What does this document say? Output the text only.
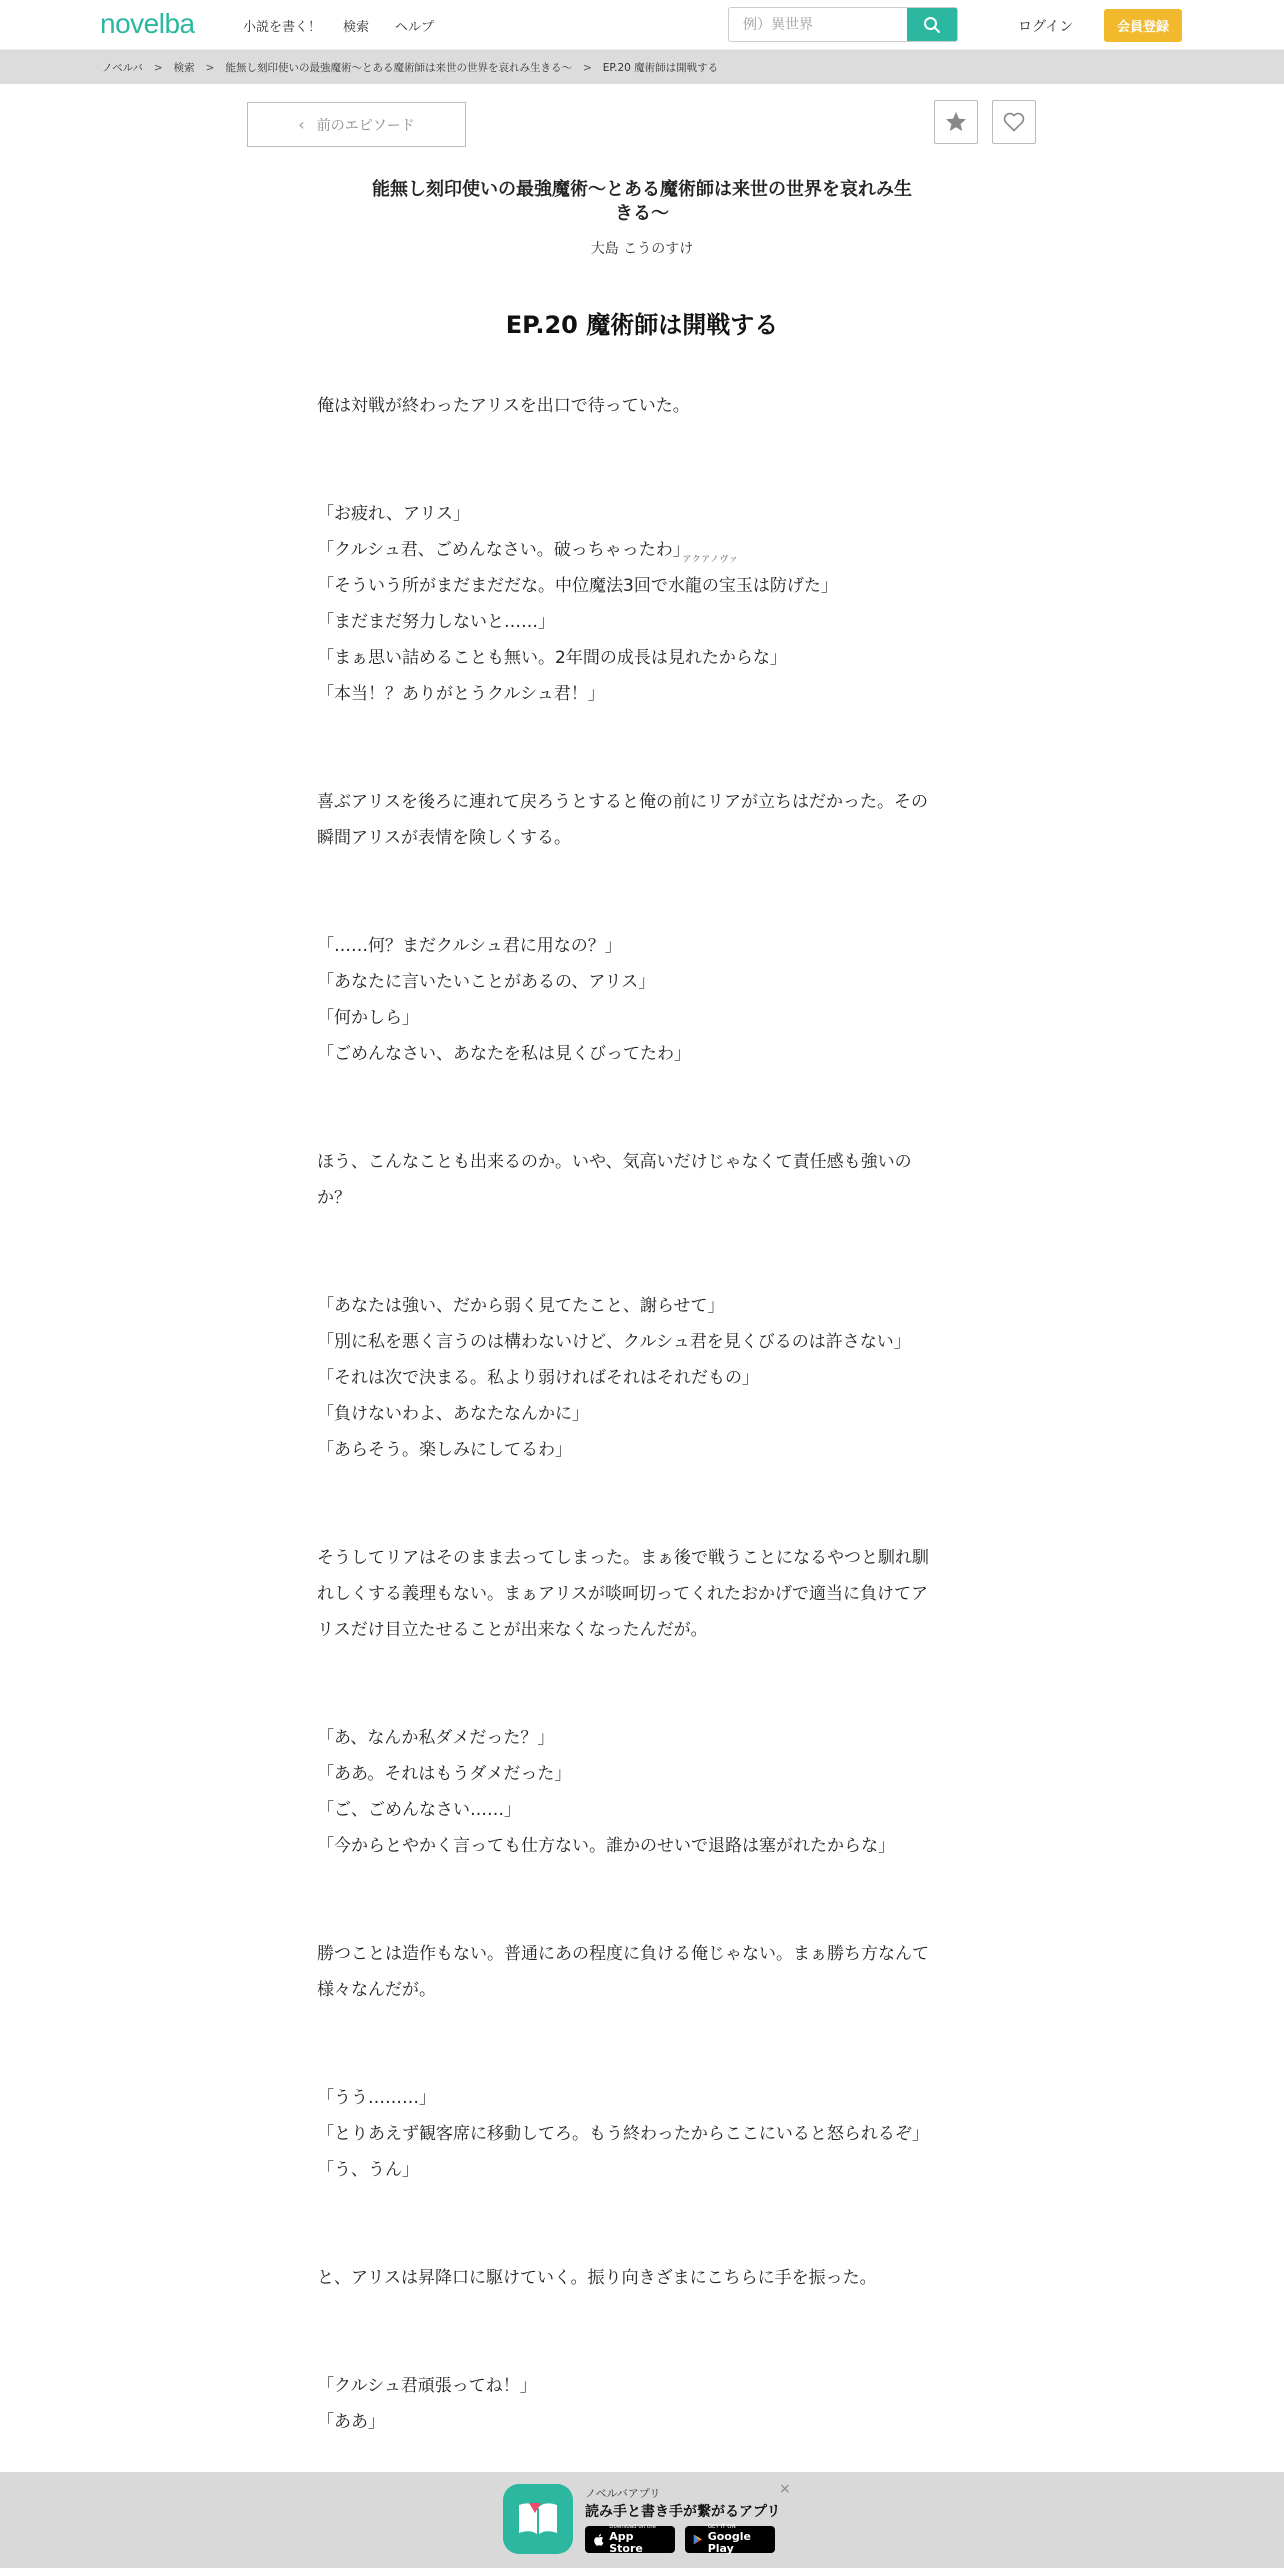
novelba	小説を書く！ 検索 ヘルプ
例）異世界	ログイン	会員登録
ノベルバ > 検索 > 能無し刻印使いの最強魔術〜とある魔術師は来世の世界を哀れみ生きる〜 > EP.20 魔術師は開戦する
‹ 前のエピソード
能無し刻印使いの最強魔術〜とある魔術師は来世の世界を哀れみ生
きる〜
大島 こうのすけ
EP.20 魔術師は開戦する
俺は対戦が終わったアリスを出口で待っていた。
「お疲れ、アリス」
「クルシュ君、ごめんなさい。破っちゃったわ」
「そういう所がまだまだだな。中位魔法3回で
アクアノヴァ
水龍の宝玉は防げた」
「まだまだ努力しないと……」
「まぁ思い詰めることも無い。2年間の成長は見れたからな」
「本当！？ありがとうクルシュ君！」
喜ぶアリスを後ろに連れて戻ろうとすると俺の前にリアが立ちはだかった。その
瞬間アリスが表情を険しくする。
「……何？まだクルシュ君に用なの？」
「あなたに言いたいことがあるの、アリス」
「何かしら」
「ごめんなさい、あなたを私は見くびってたわ」
ほう、こんなことも出来るのか。いや、気高いだけじゃなくて責任感も強いの
か？
「あなたは強い、だから弱く見てたこと、謝らせて」
「別に私を悪く言うのは構わないけど、クルシュ君を見くびるのは許さない」
「それは次で決まる。私より弱ければそれはそれだもの」
「負けないわよ、あなたなんかに」
「あらそう。楽しみにしてるわ」
そうしてリアはそのまま去ってしまった。まぁ後で戦うことになるやつと馴れ馴
れしくする義理もない。まぁアリスが啖呵切ってくれたおかげで適当に負けてア
リスだけ目立たせることが出来なくなったんだが。
「あ、なんか私ダメだった？」
「ああ。それはもうダメだった」
「ご、ごめんなさい……」
「今からとやかく言っても仕方ない。誰かのせいで退路は塞がれたからな」
勝つことは造作もない。普通にあの程度に負ける俺じゃない。まぁ勝ち方なんて
様々なんだが。
「うう………」
「とりあえず観客席に移動してろ。もう終わったからここにいると怒られるぞ」
「う、うん」
と、アリスは昇降口に駆けていく。振り向きざまにこちらに手を振った。
「クルシュ君頑張ってね！」
「ああ」
ノベルバアプリ
読み手と書き手が繋がるアプリ
Download on the
App Store
GET IT ON
Google Play
×
